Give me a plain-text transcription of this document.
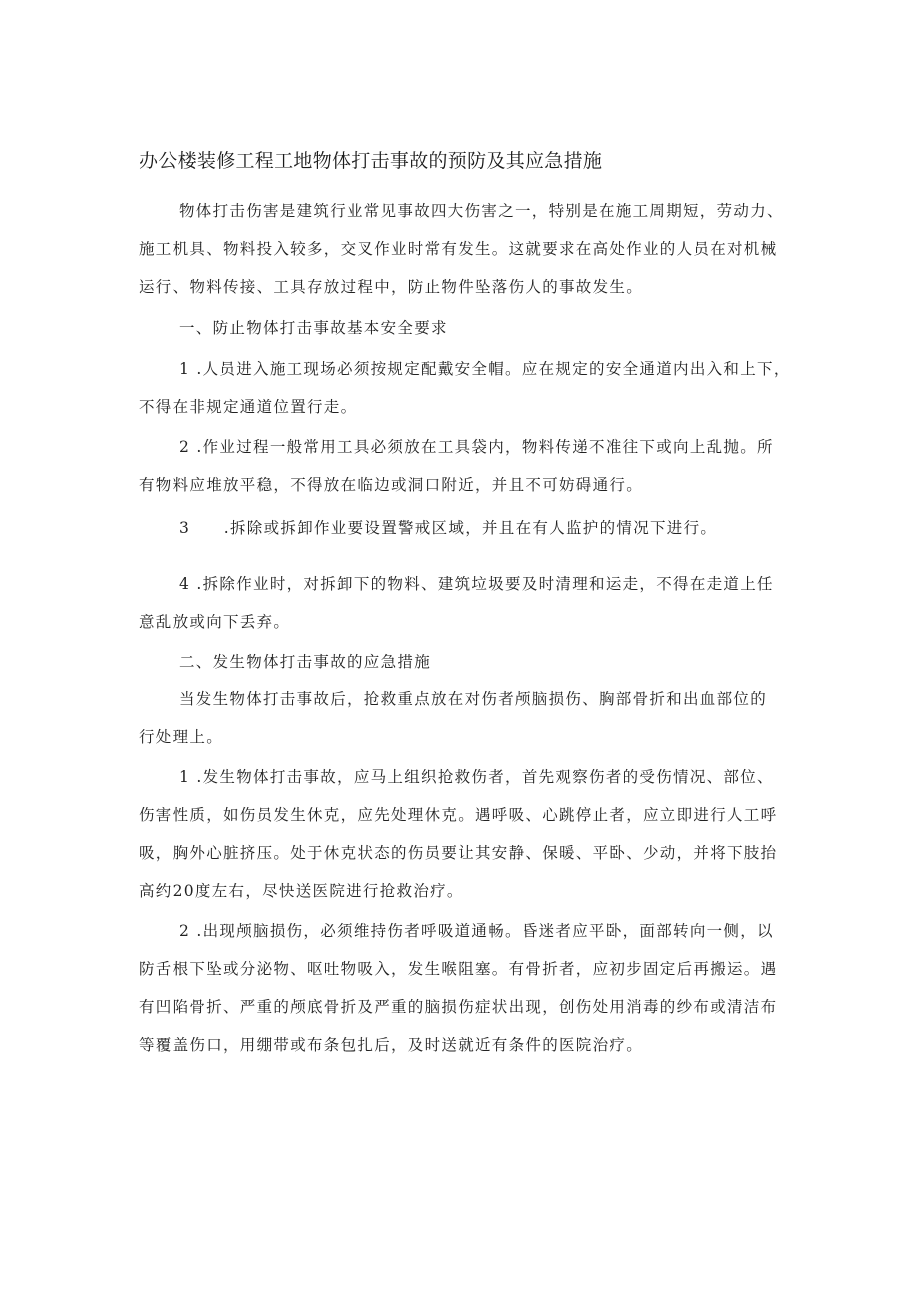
办公楼装修工程工地物体打击事故的预防及其应急措施
物体打击伤害是建筑行业常见事故四大伤害之一，特别是在施工周期短，劳动力、
施工机具、物料投入较多，交叉作业时常有发生。这就要求在高处作业的人员在对机械
运行、物料传接、工具存放过程中，防止物件坠落伤人的事故发生。
一、防止物体打击事故基本安全要求
1 .人员进入施工现场必须按规定配戴安全帽。应在规定的安全通道内出入和上下，
不得在非规定通道位置行走。
2 .作业过程一般常用工具必须放在工具袋内，物料传递不准往下或向上乱抛。所
有物料应堆放平稳，不得放在临边或洞口附近，并且不可妨碍通行。
3　　.拆除或拆卸作业要设置警戒区域，并且在有人监护的情况下进行。
4 .拆除作业时，对拆卸下的物料、建筑垃圾要及时清理和运走，不得在走道上任
意乱放或向下丢弃。
二、发生物体打击事故的应急措施
当发生物体打击事故后，抢救重点放在对伤者颅脑损伤、胸部骨折和出血部位的
行处理上。
1 .发生物体打击事故，应马上组织抢救伤者，首先观察伤者的受伤情况、部位、
伤害性质，如伤员发生休克，应先处理休克。遇呼吸、心跳停止者，应立即进行人工呼
吸，胸外心脏挤压。处于休克状态的伤员要让其安静、保暖、平卧、少动，并将下肢抬
高约20度左右，尽快送医院进行抢救治疗。
2 .出现颅脑损伤，必须维持伤者呼吸道通畅。昏迷者应平卧，面部转向一侧，以
防舌根下坠或分泌物、呕吐物吸入，发生喉阻塞。有骨折者，应初步固定后再搬运。遇
有凹陷骨折、严重的颅底骨折及严重的脑损伤症状出现，创伤处用消毒的纱布或清洁布
等覆盖伤口，用绷带或布条包扎后，及时送就近有条件的医院治疗。
